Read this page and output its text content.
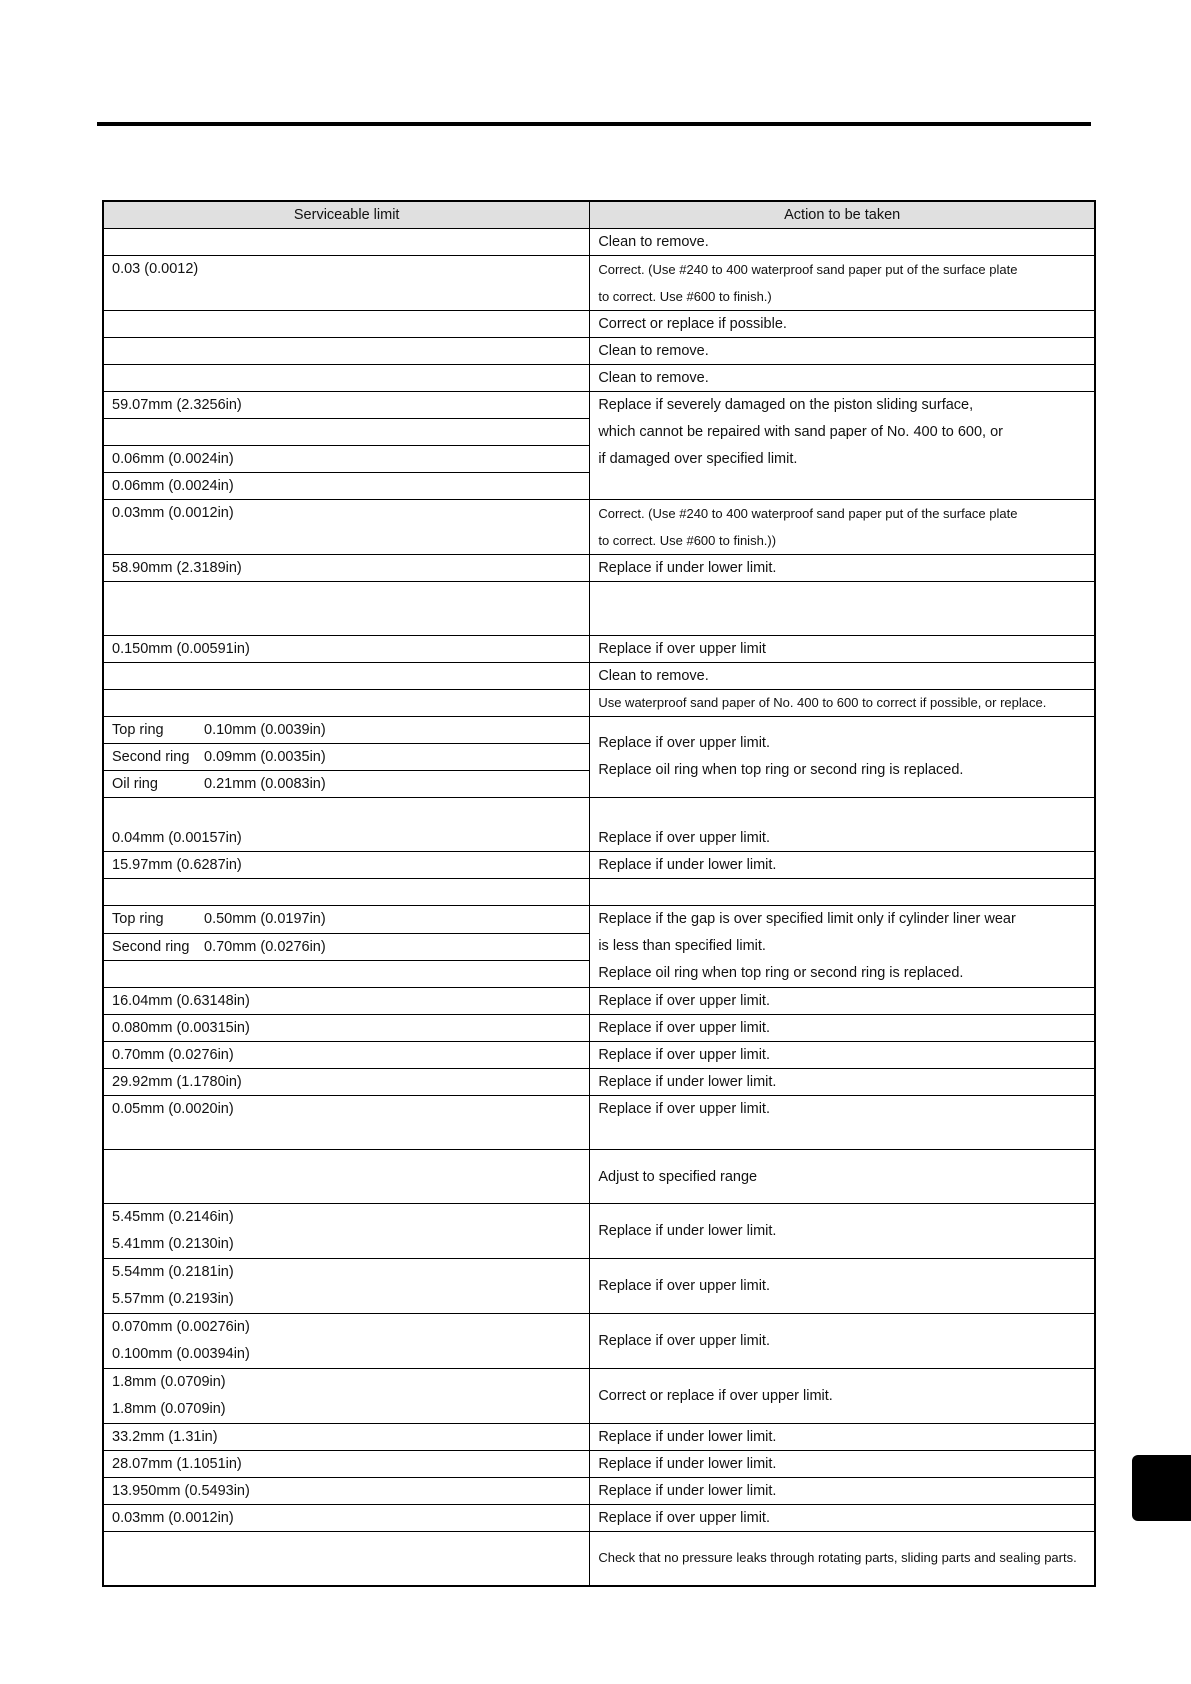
Serviceable limit	Action to be taken
	Clean to remove.

0.03 (0.0012)	Correct. (Use #240 to 400 waterproof sand paper put of the surface plate
to correct. Use #600 to finish.)

	Correct or replace if possible.
	Clean to remove.
	Clean to remove.
59.07mm (2.3256in)	Replace if severely damaged on the piston sliding surface,
which cannot be repaired with sand paper of No. 400 to 600, or
if damaged over specified limit.

0.06mm (0.0024in)	
0.06mm (0.0024in)	

0.03mm (0.0012in)	Correct. (Use #240 to 400 waterproof sand paper put of the surface plate
to correct. Use #600 to finish.))

58.90mm (2.3189in)	Replace if under lower limit.

0.150mm (0.00591in)	Replace if over upper limit
	Clean to remove.
	Use waterproof sand paper of No. 400 to 600 to correct if possible, or replace.
Top ring 0.10mm (0.0039in)	Replace if over upper limit.
Replace oil ring when top ring or second ring is replaced.

Second ring 0.09mm (0.0035in)	
Oil ring 0.21mm (0.0083in)	
0.04mm (0.00157in)	Replace if over upper limit.
15.97mm (0.6287in)	Replace if under lower limit.

Top ring 0.50mm (0.0197in)	Replace if the gap is over specified limit only if cylinder liner wear
is less than specified limit.
Replace oil ring when top ring or second ring is replaced.

Second ring 0.70mm (0.0276in)	

16.04mm (0.63148in)	Replace if over upper limit.
0.080mm (0.00315in)	Replace if over upper limit.
0.70mm (0.0276in)	Replace if over upper limit.
29.92mm (1.1780in)	Replace if under lower limit.
0.05mm (0.0020in)	Replace if over upper limit.
	Adjust to specified range

5.45mm (0.2146in)
5.41mm (0.2130in)	Replace if under lower limit.

5.54mm (0.2181in)
5.57mm (0.2193in)	Replace if over upper limit.

0.070mm (0.00276in)
0.100mm (0.00394in)	Replace if over upper limit.

1.8mm (0.0709in)
1.8mm (0.0709in)	Correct or replace if over upper limit.
33.2mm (1.31in)	Replace if under lower limit.
28.07mm (1.1051in)	Replace if under lower limit.
13.950mm (0.5493in)	Replace if under lower limit.
0.03mm (0.0012in)	Replace if over upper limit.
	Check that no pressure leaks through rotating parts, sliding parts and sealing parts.
